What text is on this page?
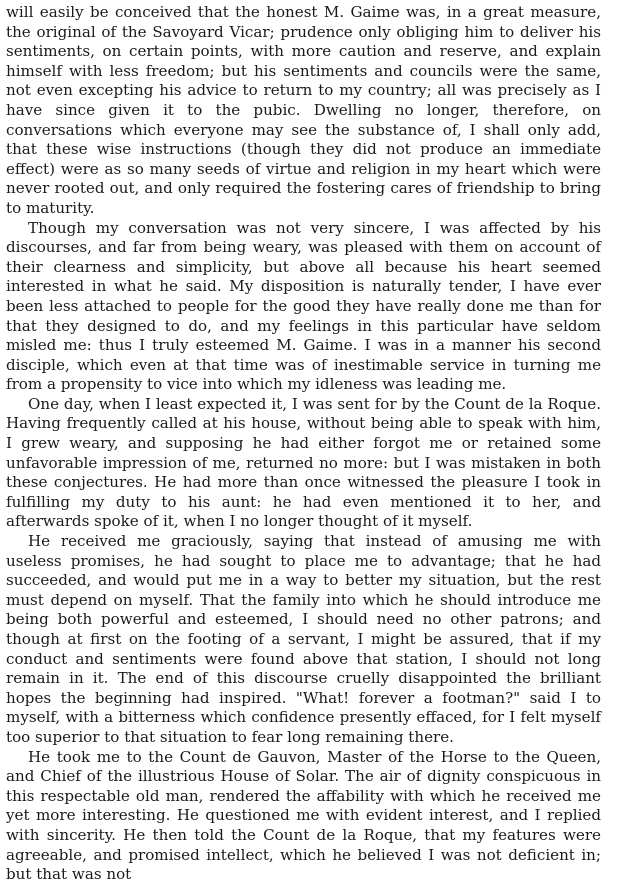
will easily be conceived that the honest M. Gaime was, in a great measure, the original of the Savoyard Vicar; prudence only obliging him to deliver his sentiments, on certain points, with more caution and reserve, and explain himself with less freedom; but his sentiments and councils were the same, not even excepting his advice to return to my country; all was precisely as I have since given it to the pubic. Dwelling no longer, therefore, on conversations which everyone may see the substance of, I shall only add, that these wise instructions (though they did not produce an immediate effect) were as so many seeds of virtue and religion in my heart which were never rooted out, and only required the fostering cares of friendship to bring to maturity.

Though my conversation was not very sincere, I was affected by his discourses, and far from being weary, was pleased with them on account of their clearness and simplicity, but above all because his heart seemed interested in what he said. My disposition is naturally tender, I have ever been less attached to people for the good they have really done me than for that they designed to do, and my feelings in this particular have seldom misled me: thus I truly esteemed M. Gaime. I was in a manner his second disciple, which even at that time was of inestimable service in turning me from a propensity to vice into which my idleness was leading me.

One day, when I least expected it, I was sent for by the Count de la Roque. Having frequently called at his house, without being able to speak with him, I grew weary, and supposing he had either forgot me or retained some unfavorable impression of me, returned no more: but I was mistaken in both these conjectures. He had more than once witnessed the pleasure I took in fulfilling my duty to his aunt: he had even mentioned it to her, and afterwards spoke of it, when I no longer thought of it myself.

He received me graciously, saying that instead of amusing me with useless promises, he had sought to place me to advantage; that he had succeeded, and would put me in a way to better my situation, but the rest must depend on myself. That the family into which he should introduce me being both powerful and esteemed, I should need no other patrons; and though at first on the footing of a servant, I might be assured, that if my conduct and sentiments were found above that station, I should not long remain in it. The end of this discourse cruelly disappointed the brilliant hopes the beginning had inspired. "What! forever a footman?" said I to myself, with a bitterness which confidence presently effaced, for I felt myself too superior to that situation to fear long remaining there.

He took me to the Count de Gauvon, Master of the Horse to the Queen, and Chief of the illustrious House of Solar. The air of dignity conspicuous in this respectable old man, rendered the affability with which he received me yet more interesting. He questioned me with evident interest, and I replied with sincerity. He then told the Count de la Roque, that my features were agreeable, and promised intellect, which he believed I was not deficient in; but that was not
